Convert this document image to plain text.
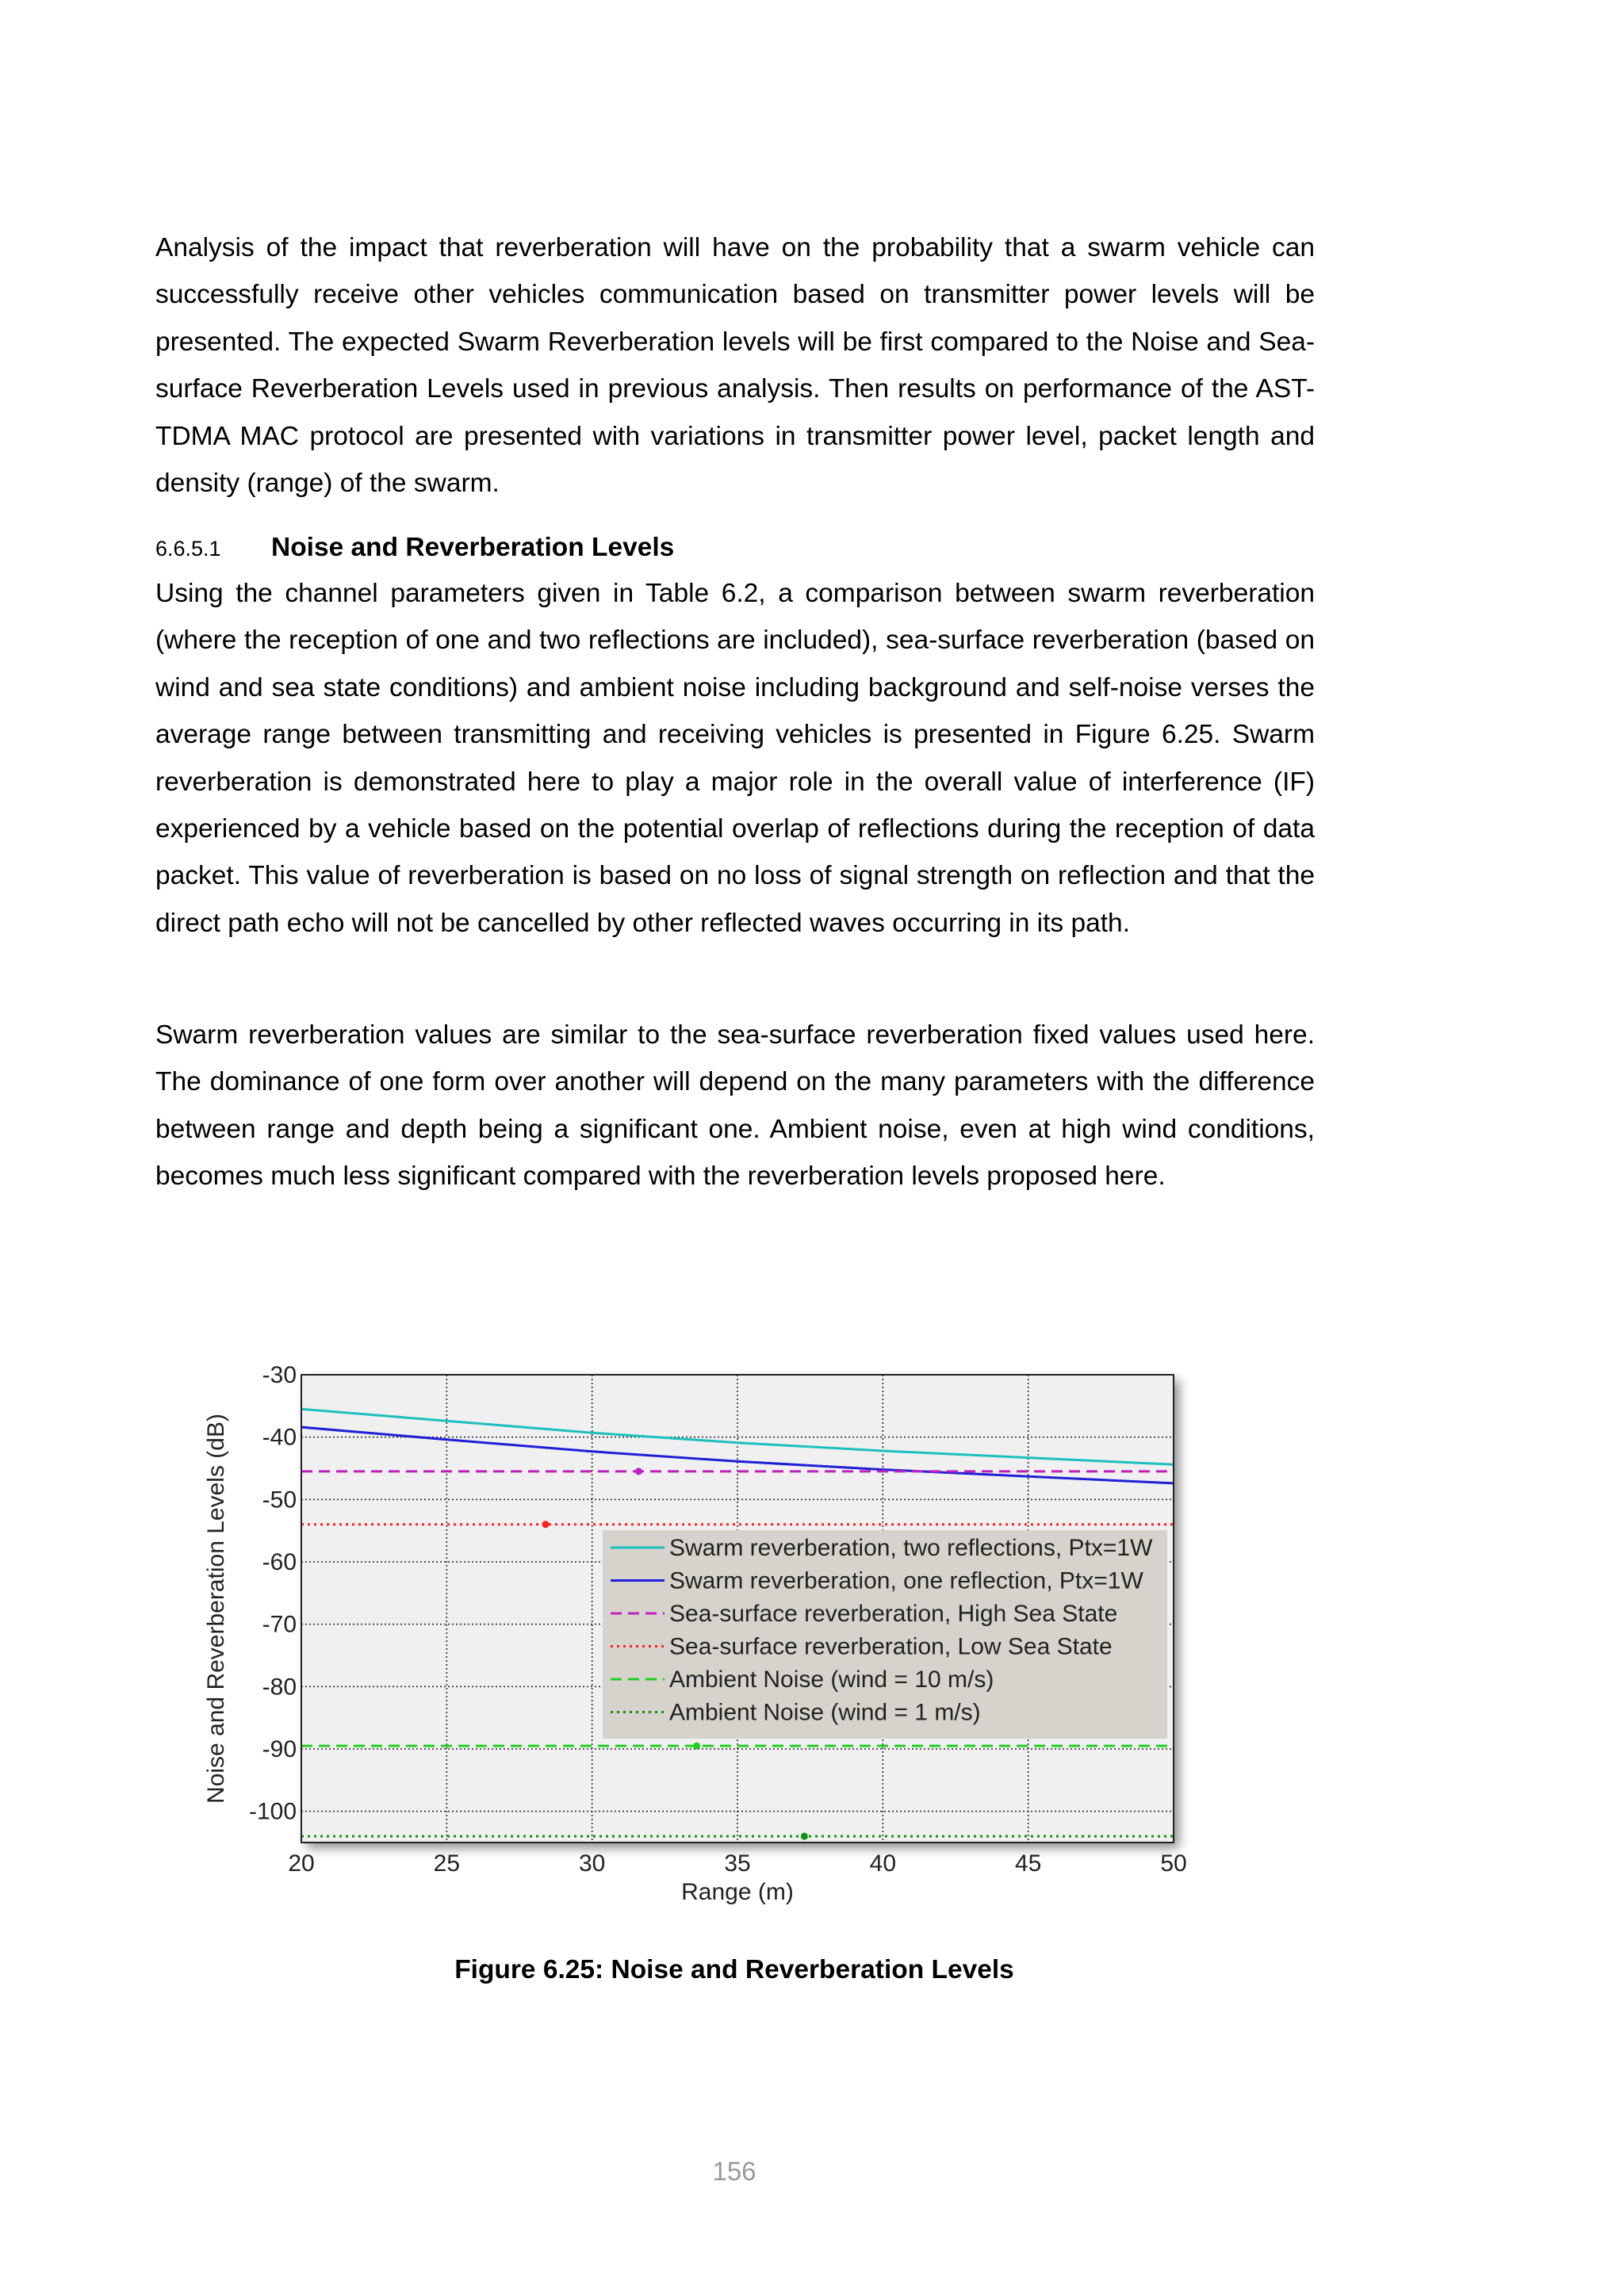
Analysis of the impact that reverberation will have on the probability that a swarm vehicle can successfully receive other vehicles communication based on transmitter power levels will be presented. The expected Swarm Reverberation levels will be first compared to the Noise and Sea-surface Reverberation Levels used in previous analysis. Then results on performance of the AST-TDMA MAC protocol are presented with variations in transmitter power level, packet length and density (range) of the swarm.

6.6.5.1 Noise and Reverberation Levels

Using the channel parameters given in Table 6.2, a comparison between swarm reverberation (where the reception of one and two reflections are included), sea-surface reverberation (based on wind and sea state conditions) and ambient noise including background and self-noise verses the average range between transmitting and receiving vehicles is presented in Figure 6.25. Swarm reverberation is demonstrated here to play a major role in the overall value of interference (IF) experienced by a vehicle based on the potential overlap of reflections during the reception of data packet. This value of reverberation is based on no loss of signal strength on reflection and that the direct path echo will not be cancelled by other reflected waves occurring in its path.

Swarm reverberation values are similar to the sea-surface reverberation fixed values used here. The dominance of one form over another will depend on the many parameters with the difference between range and depth being a significant one. Ambient noise, even at high wind conditions, becomes much less significant compared with the reverberation levels proposed here.

Swarm reverberation, two reflections, Ptx=1W
Swarm reverberation, one reflection, Ptx=1W
Sea-surface reverberation, High Sea State
Sea-surface reverberation, Low Sea State
Ambient Noise (wind = 10 m/s)
Ambient Noise (wind = 1 m/s)
20	25	30	35	40	45	50
-30
-40
-50
-60
-70
-80
-90
-100
Range (m)
Noise and Reverberation Levels (dB)
Figure 6.25: Noise and Reverberation Levels
156
